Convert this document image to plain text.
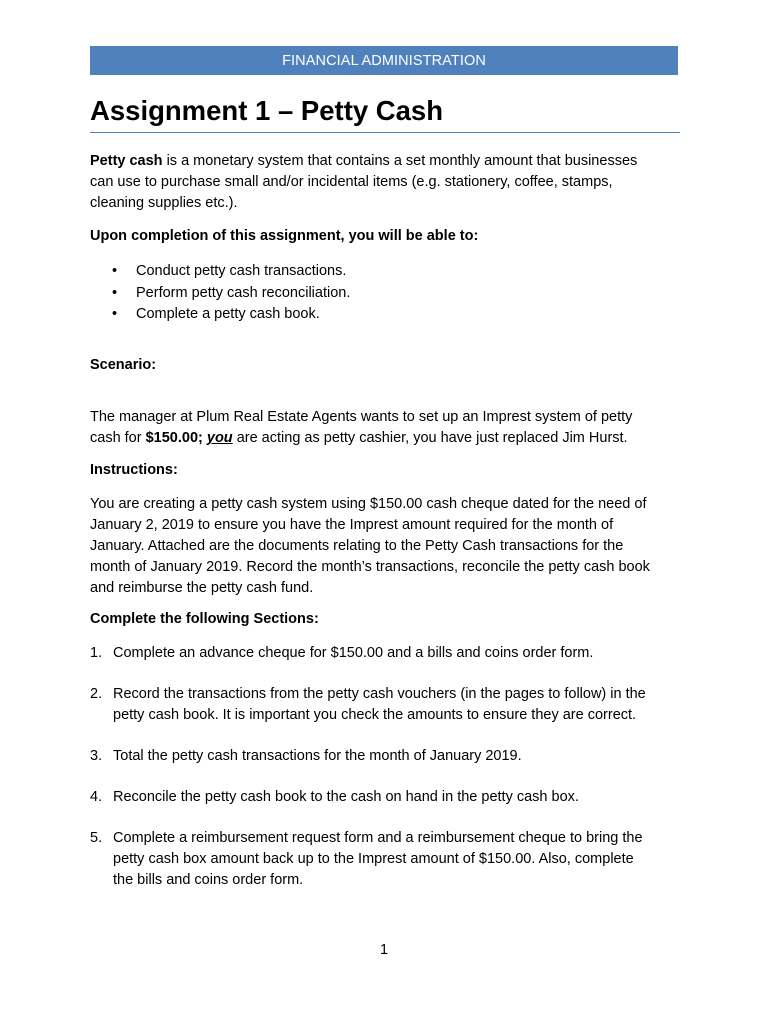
FINANCIAL ADMINISTRATION
Assignment 1 – Petty Cash

Petty cash is a monetary system that contains a set monthly amount that businesses
can use to purchase small and/or incidental items (e.g. stationery, coffee, stamps,
cleaning supplies etc.).

Upon completion of this assignment, you will be able to:

• Conduct petty cash transactions.
• Perform petty cash reconciliation.
• Complete a petty cash book.

Scenario:

The manager at Plum Real Estate Agents wants to set up an Imprest system of petty
cash for $150.00; you are acting as petty cashier, you have just replaced Jim Hurst.

Instructions:

You are creating a petty cash system using $150.00 cash cheque dated for the need of
January 2, 2019 to ensure you have the Imprest amount required for the month of
January. Attached are the documents relating to the Petty Cash transactions for the
month of January 2019. Record the month’s transactions, reconcile the petty cash book
and reimburse the petty cash fund.

Complete the following Sections:

1. Complete an advance cheque for $150.00 and a bills and coins order form.
2. Record the transactions from the petty cash vouchers (in the pages to follow) in the
petty cash book. It is important you check the amounts to ensure they are correct.
3. Total the petty cash transactions for the month of January 2019.
4. Reconcile the petty cash book to the cash on hand in the petty cash box.
5. Complete a reimbursement request form and a reimbursement cheque to bring the
petty cash box amount back up to the Imprest amount of $150.00. Also, complete
the bills and coins order form.
1
